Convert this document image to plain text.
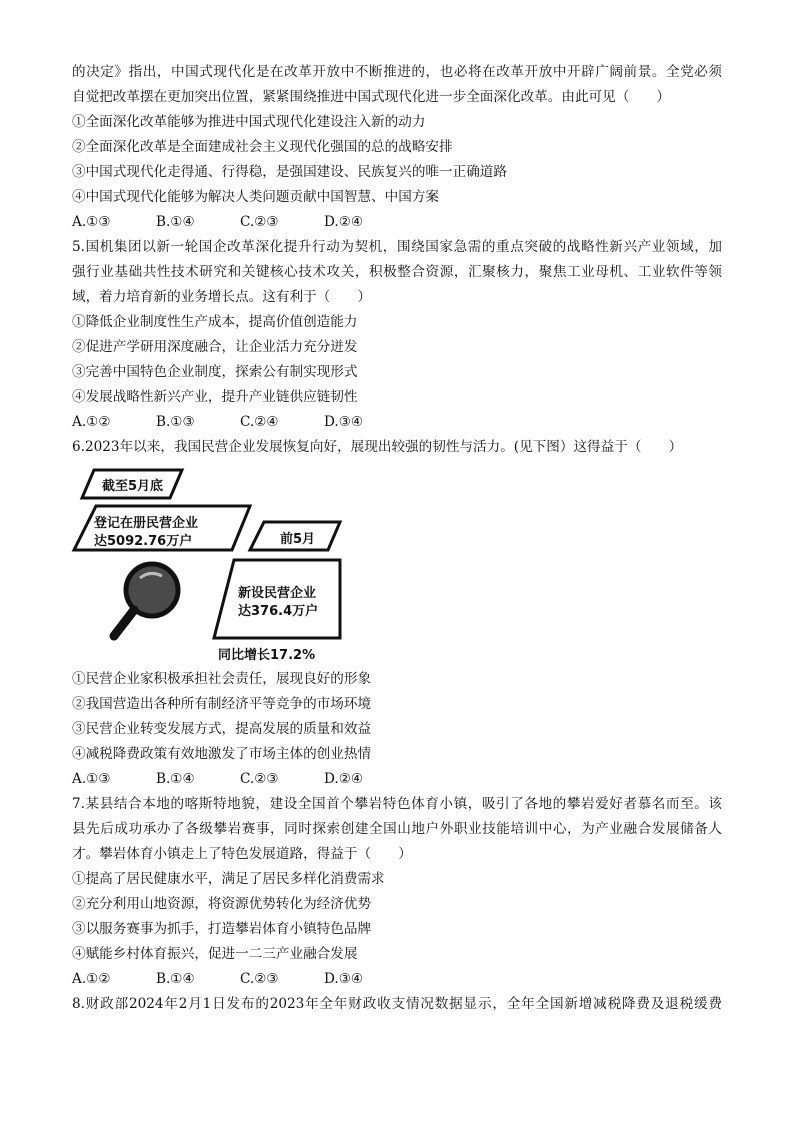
的决定》指出，中国式现代化是在改革开放中不断推进的，也必将在改革开放中开辟广阔前景。全党必须
自觉把改革摆在更加突出位置，紧紧围绕推进中国式现代化进一步全面深化改革。由此可见（　　）
①全面深化改革能够为推进中国式现代化建设注入新的动力
②全面深化改革是全面建成社会主义现代化强国的总的战略安排
③中国式现代化走得通、行得稳，是强国建设、民族复兴的唯一正确道路
④中国式现代化能够为解决人类问题贡献中国智慧、中国方案
A.①③	B.①④	C.②③	D.②④
5.国机集团以新一轮国企改革深化提升行动为契机，围绕国家急需的重点突破的战略性新兴产业领域，加
强行业基础共性技术研究和关键核心技术攻关，积极整合资源，汇聚核力，聚焦工业母机、工业软件等领
域，着力培育新的业务增长点。这有利于（　　）
①降低企业制度性生产成本，提高价值创造能力
②促进产学研用深度融合，让企业活力充分迸发
③完善中国特色企业制度，探索公有制实现形式
④发展战略性新兴产业，提升产业链供应链韧性
A.①②	B.①③	C.②④	D.③④
6.2023年以来，我国民营企业发展恢复向好，展现出较强的韧性与活力。(见下图）这得益于（　　）
截至5月底
登记在册民营企业
达5092.76万户	前5月
新设民营企业
达376.4万户
同比增长17.2%
①民营企业家积极承担社会责任，展现良好的形象
②我国营造出各种所有制经济平等竞争的市场环境
③民营企业转变发展方式，提高发展的质量和效益
④减税降费政策有效地激发了市场主体的创业热情
A.①③	B.①④	C.②③	D.②④
7.某县结合本地的喀斯特地貌，建设全国首个攀岩特色体育小镇，吸引了各地的攀岩爱好者慕名而至。该
县先后成功承办了各级攀岩赛事，同时探索创建全国山地户外职业技能培训中心，为产业融合发展储备人
才。攀岩体育小镇走上了特色发展道路，得益于（　　）
①提高了居民健康水平，满足了居民多样化消费需求
②充分利用山地资源，将资源优势转化为经济优势
③以服务赛事为抓手，打造攀岩体育小镇特色品牌
④赋能乡村体育振兴，促进一二三产业融合发展
A.①②	B.①④	C.②③	D.③④
8.财政部2024年2月1日发布的2023年全年财政收支情况数据显示，全年全国新增减税降费及退税缓费
